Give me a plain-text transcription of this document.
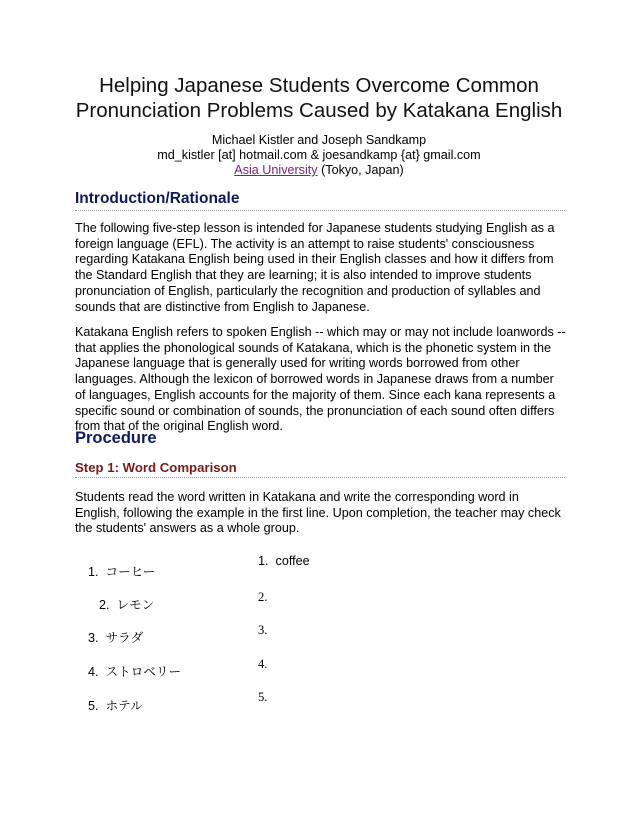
Helping Japanese Students Overcome Common
Pronunciation Problems Caused by Katakana English
Michael Kistler and Joseph Sandkamp
md_kistler [at] hotmail.com & joesandkamp {at} gmail.com
Asia University (Tokyo, Japan)
Introduction/Rationale
The following five-step lesson is intended for Japanese students studying English as a foreign language (EFL). The activity is an attempt to raise students' consciousness regarding Katakana English being used in their English classes and how it differs from the Standard English that they are learning; it is also intended to improve students pronunciation of English, particularly the recognition and production of syllables and sounds that are distinctive from English to Japanese.
Katakana English refers to spoken English -- which may or may not include loanwords -- that applies the phonological sounds of Katakana, which is the phonetic system in the Japanese language that is generally used for writing words borrowed from other languages. Although the lexicon of borrowed words in Japanese draws from a number of languages, English accounts for the majority of them. Since each kana represents a specific sound or combination of sounds, the pronunciation of each sound often differs from that of the original English word.
Procedure
Step 1: Word Comparison
Students read the word written in Katakana and write the corresponding word in English, following the example in the first line. Upon completion, the teacher may check the students' answers as a whole group.
1. コーヒー
2. レモン
3. サラダ
4. ストロベリー
5. ホテル
1. coffee
2.
3.
4.
5.
